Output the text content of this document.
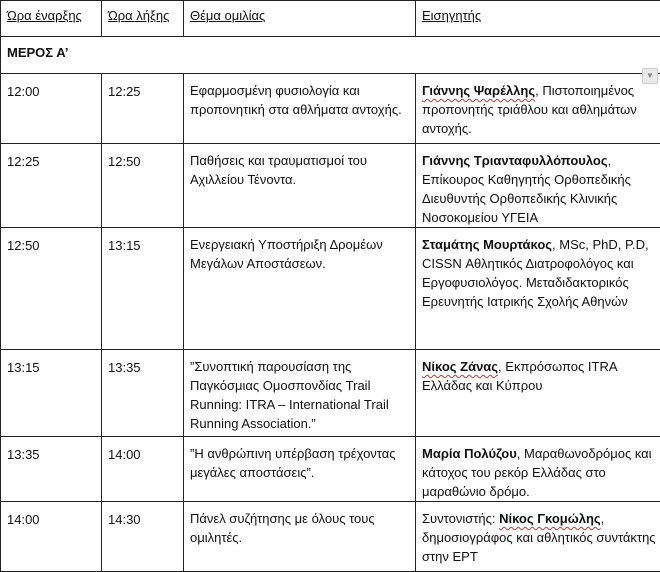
Ώρα έναρξης	Ώρα λήξης	Θέμα ομιλίας	Εισηγητής
ΜΕΡΟΣ Α’			
12:00	12:25	Εφαρμοσμένη φυσιολογία και προπονητική στα αθλήματα αντοχής.	Γιάννης Ψαρέλλης, Πιστοποιημένος προπονητής τριάθλου και αθλημάτων αντοχής.
12:25	12:50	Παθήσεις και τραυματισμοί του Αχιλλείου Τένοντα.	Γιάννης Τριανταφυλλόπουλος, Επίκουρος Καθηγητής Ορθοπεδικής Διευθυντής Ορθοπεδικής Κλινικής Νοσοκομείου ΥΓΕΙΑ
12:50	13:15	Ενεργειακή Υποστήριξη Δρομέων Μεγάλων Αποστάσεων.	Σταμάτης Μουρτάκος, MSc, PhD, P.D, CISSN Αθλητικός Διατροφολόγος και Εργοφυσιολόγος. Μεταδιδακτορικός Ερευνητής Ιατρικής Σχολής Αθηνών
13:15	13:35	”Συνοπτική παρουσίαση της Παγκόσμιας Ομοσπονδίας Trail Running: ITRA – International Trail Running Association.”	Νίκος Ζάνας, Εκπρόσωπος ITRA Ελλάδας και Κύπρου
13:35	14:00	”Η ανθρώπινη υπέρβαση τρέχοντας μεγάλες αποστάσεις”.	Μαρία Πολύζου, Μαραθωνοδρόμος και κάτοχος του ρεκόρ Ελλάδας στο μαραθώνιο δρόμο.
14:00	14:30	Πάνελ συζήτησης με όλους τους ομιλητές.	Συντονιστής: Νίκος Γκομώλης, δημοσιογράφος και αθλητικός συντάκτης στην ΕΡΤ
▼
